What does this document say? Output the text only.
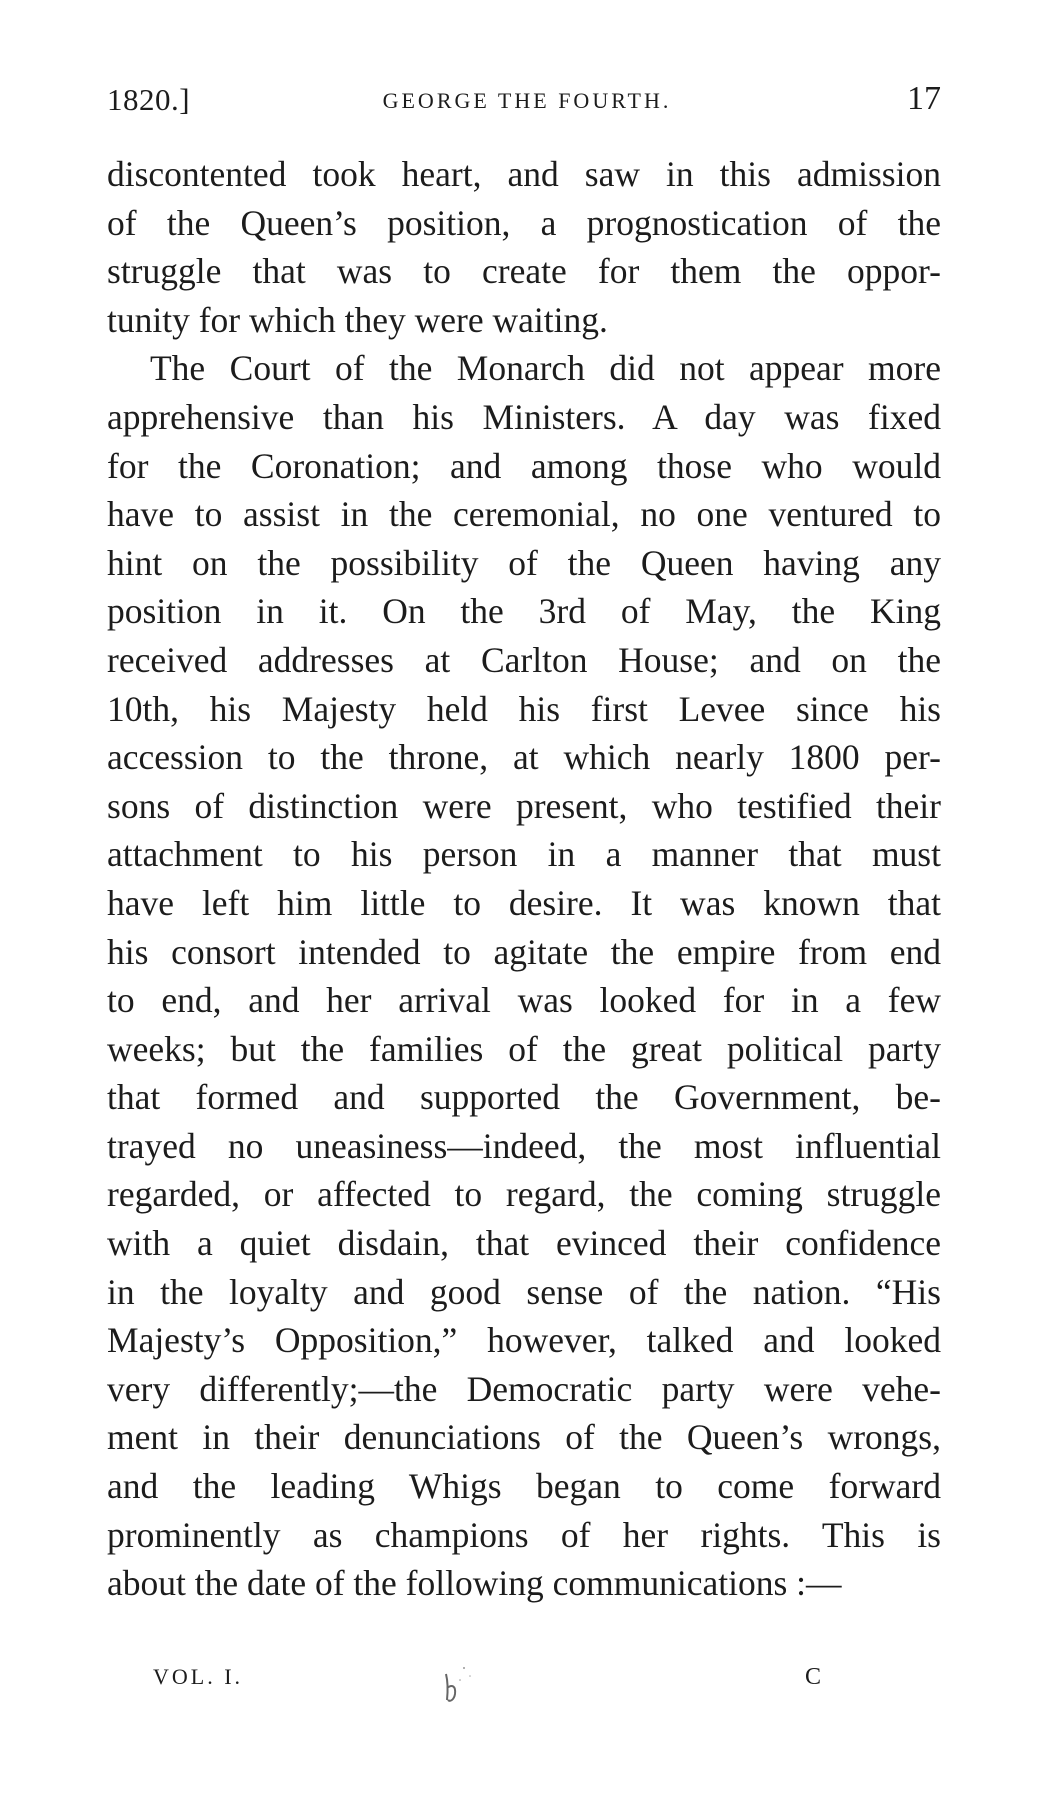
1820.]	GEORGE THE FOURTH.	17
discontented took heart, and saw in this admission
of the Queen’s position, a prognostication of the
struggle that was to create for them the oppor-
tunity for which they were waiting.
The Court of the Monarch did not appear more
apprehensive than his Ministers. A day was fixed
for the Coronation; and among those who would
have to assist in the ceremonial, no one ventured to
hint on the possibility of the Queen having any
position in it. On the 3rd of May, the King
received addresses at Carlton House; and on the
10th, his Majesty held his first Levee since his
accession to the throne, at which nearly 1800 per-
sons of distinction were present, who testified their
attachment to his person in a manner that must
have left him little to desire. It was known that
his consort intended to agitate the empire from end
to end, and her arrival was looked for in a few
weeks; but the families of the great political party
that formed and supported the Government, be-
trayed no uneasiness—indeed, the most influential
regarded, or affected to regard, the coming struggle
with a quiet disdain, that evinced their confidence
in the loyalty and good sense of the nation. “His
Majesty’s Opposition,” however, talked and looked
very differently;—the Democratic party were vehe-
ment in their denunciations of the Queen’s wrongs,
and the leading Whigs began to come forward
prominently as champions of her rights. This is
about the date of the following communications :—
VOL. I.	C
